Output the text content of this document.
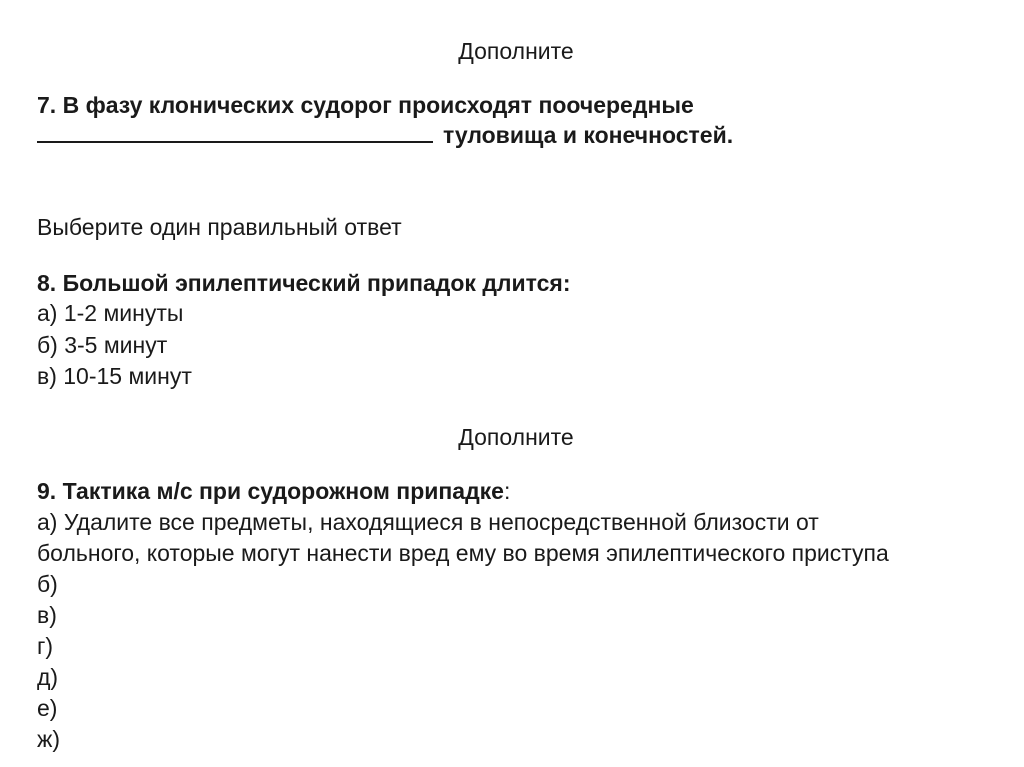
Дополните
7. В фазу клонических судорог происходят поочередные
туловища и конечностей.
Выберите один правильный ответ
8. Большой эпилептический припадок длится:
а) 1-2 минуты
б) 3-5 минут
в) 10-15 минут
Дополните
9. Тактика м/с при судорожном припадке:
а) Удалите все предметы, находящиеся в непосредственной близости от
больного, которые могут нанести вред ему во время эпилептического приступа
б)
в)
г)
д)
е)
ж)
